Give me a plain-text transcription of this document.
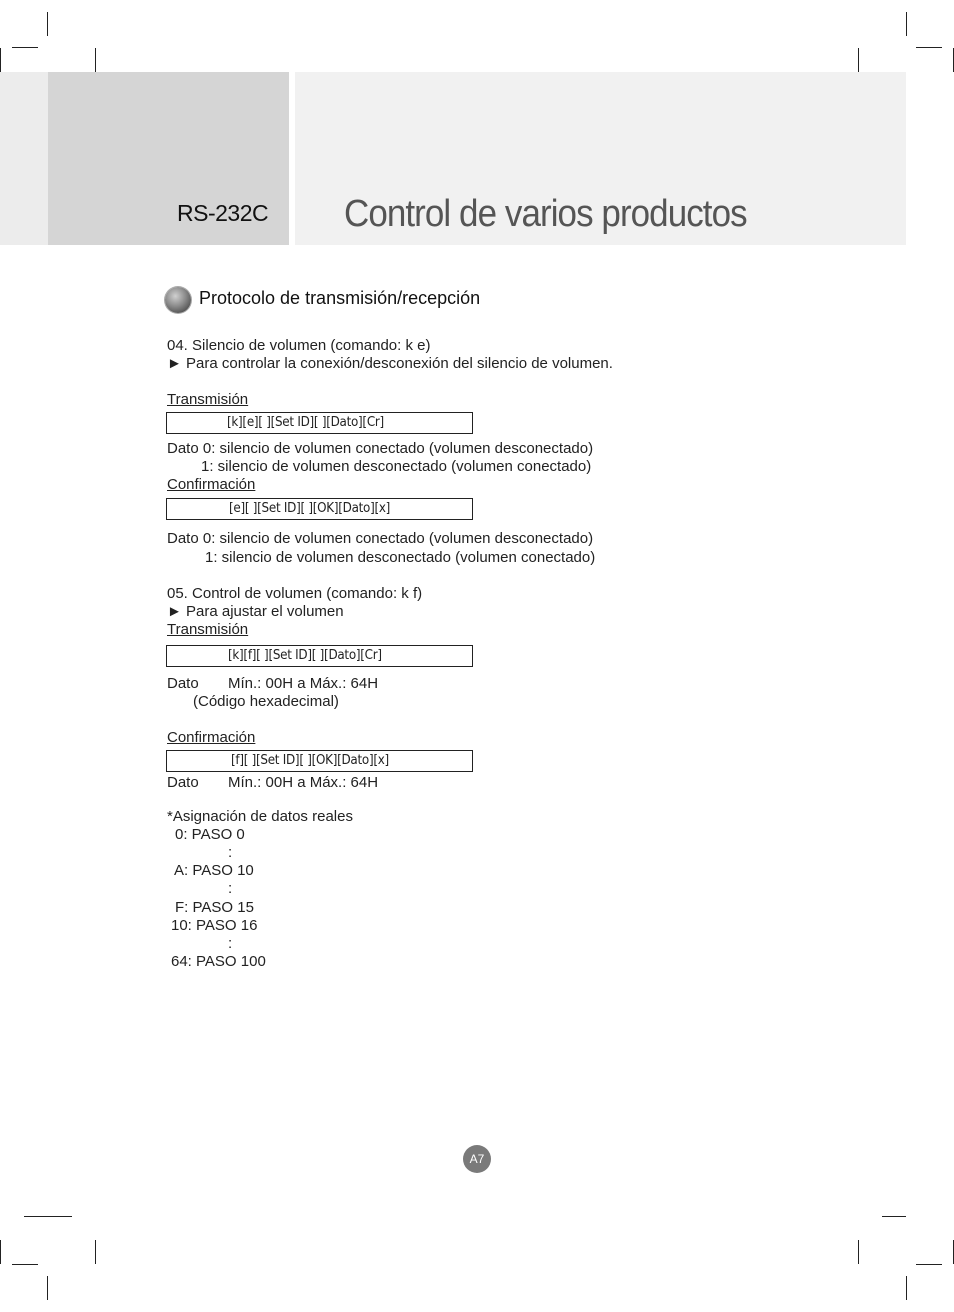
RS-232C Control de varios productos
Protocolo de transmisión/recepción
04. Silencio de volumen (comando: k e)
► Para controlar la conexión/desconexión del silencio de volumen.
Transmisión
[k][e][ ][Set ID][ ][Dato][Cr]
Dato 0: silencio de volumen conectado (volumen desconectado)
1: silencio de volumen desconectado (volumen conectado)
Confirmación
[e][ ][Set ID][ ][OK][Dato][x]
Dato 0: silencio de volumen conectado (volumen desconectado)
1: silencio de volumen desconectado (volumen conectado)
05. Control de volumen (comando: k f)
► Para ajustar el volumen
Transmisión
[k][f][ ][Set ID][ ][Dato][Cr]
Dato Mín.: 00H a Máx.: 64H
(Código hexadecimal)
Confirmación
[f][ ][Set ID][ ][OK][Dato][x]
Dato Mín.: 00H a Máx.: 64H
*Asignación de datos reales
0: PASO 0
:
A: PASO 10
:
F: PASO 15
10: PASO 16
:
64: PASO 100
A7
